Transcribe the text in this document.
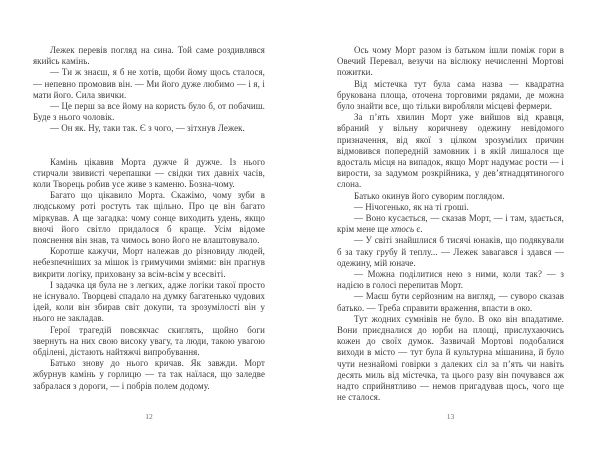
Лежек перевів погляд на сина. Той саме роздивлявся якийсь камінь.

— Ти ж знаєш, я б не хотів, щоби йому щось сталося, — непевно промовив він. — Ми його дуже любимо — і я, і мати його. Сила звички.

— Це перш за все йому на користь було б, от побачиш. Буде з нього чоловік.

— Он як. Ну, таки так. Є з чого, — зітхнув Лежек.

Камінь цікавив Морта дужче й дужче. Із нього стирчали звивисті черепашки — свідки тих давніх часів, коли Творець робив усе живе з каменю. Бозна-чому.

Багато що цікавило Морта. Скажімо, чому зуби в людському роті ростуть так щільно. Про це він багато міркував. А ще загадка: чому сонце виходить удень, якщо вночі його світло придалося б краще. Усім відоме пояснення він знав, та чимось воно його не влаштовувало.

Коротше кажучи, Морт належав до різновиду людей, небезпечніших за мішок із гримучими зміями: він прагнув викрити логіку, приховану за всім-всім у всесвіті.

І задачка ця була не з легких, адже логіки такої просто не існувало. Творцеві спадало на думку багатенько чудових ідей, коли він збирав світ докупи, та зрозумілості він у нього не закладав.

Герої трагедій повсякчас скиглять, щойно боги звернуть на них свою високу увагу, та люди, такою увагою обділені, дістають найтяжчі випробування.

Батько знову до нього кричав. Як завжди. Морт жбурнув камінь у горлицю — та так наїлася, що заледве забралася з дороги, — і побрів полем додому.

12

Ось чому Морт разом із батьком ішли поміж гори в Овечий Перевал, везучи на віслюку нечисленні Мортові пожитки.

Від містечка тут була сама назва — квадратна брукована площа, оточена торговими рядами, де можна було знайти все, що тільки виробляли місцеві фермери.

За п’ять хвилин Морт уже вийшов від кравця, вбраний у вільну коричневу одежину невідомого призначення, від якої з цілком зрозумілих причин відмовився попередній замовник і в якій лишалося ще вдосталь місця на випадок, якщо Морт надумає рости — і вирости, за задумом розкрійника, у дев’ятнадцятиногого слона.

Батько окинув його суворим поглядом.

— Нічогенько, як на ті гроші.

— Воно кусається, — сказав Морт, — і там, здається, крім мене ще хтось є.

— У світі знайшлися б тисячі юнаків, що подякували б за таку грубу й теплу... — Лежек завагався і здався — одежину, мій юначе.

— Можна поділитися нею з ними, коли так? — з надією в голосі перепитав Морт.

— Маєш бути серйозним на вигляд, — суворо сказав батько. — Треба справити враження, впасти в око.

Тут жодних сумнівів не було. В око він впадатиме. Вони приєдналися до юрби на площі, прислухаючись кожен до своїх думок. Зазвичай Мортові подобалися виходи в місто — тут була й культурна мішанина, й було чути незнайомі говірки з далеких сіл за п’ять чи навіть десять миль від містечка, та цього разу він почувався аж надто сприйнятливо — немов пригадував щось, чого ще не сталося.

13
